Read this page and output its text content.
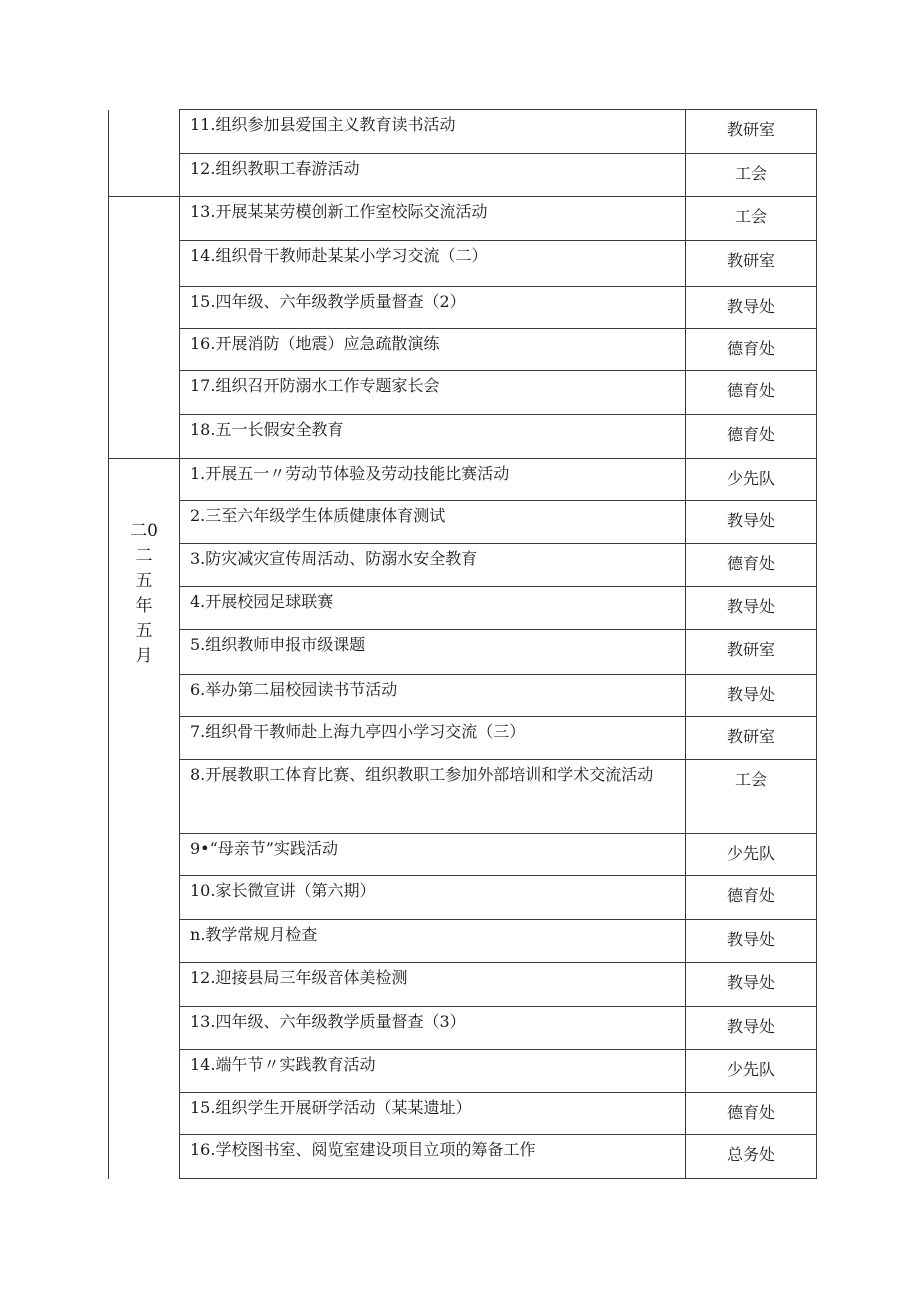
	11.组织参加县爱国主义教育读书活动	教研室

	12.组织教职工春游活动	工会

	13.开展某某劳模创新工作室校际交流活动	工会

	14.组织骨干教师赴某某小学习交流（二）	教研室

	15.四年级、六年级教学质量督查（2）	教导处

	16.开展消防（地震）应急疏散演练	德育处

	17.组织召开防溺水工作专题家长会	德育处

	18.五一长假安全教育	德育处
二0二五年五月	1.开展五一〃劳动节体验及劳动技能比赛活动	少先队

	2.三至六年级学生体质健康体育测试	教导处

	3.防灾减灾宣传周活动、防溺水安全教育	德育处

	4.开展校园足球联赛	教导处

	5.组织教师申报市级课题	教研室

	6.举办第二届校园读书节活动	教导处

	7.组织骨干教师赴上海九亭四小学习交流（三）	教研室

	8.开展教职工体育比赛、组织教职工参加外部培训和学术交流活动	工会

	9•“母亲节”实践活动	少先队

	10.家长微宣讲（第六期）	德育处

	n.教学常规月检查	教导处

	12.迎接县局三年级音体美检测	教导处

	13.四年级、六年级教学质量督查（3）	教导处

	14.端午节〃实践教育活动	少先队

	15.组织学生开展研学活动（某某遗址）	德育处

	16.学校图书室、阅览室建设项目立项的筹备工作	总务处
